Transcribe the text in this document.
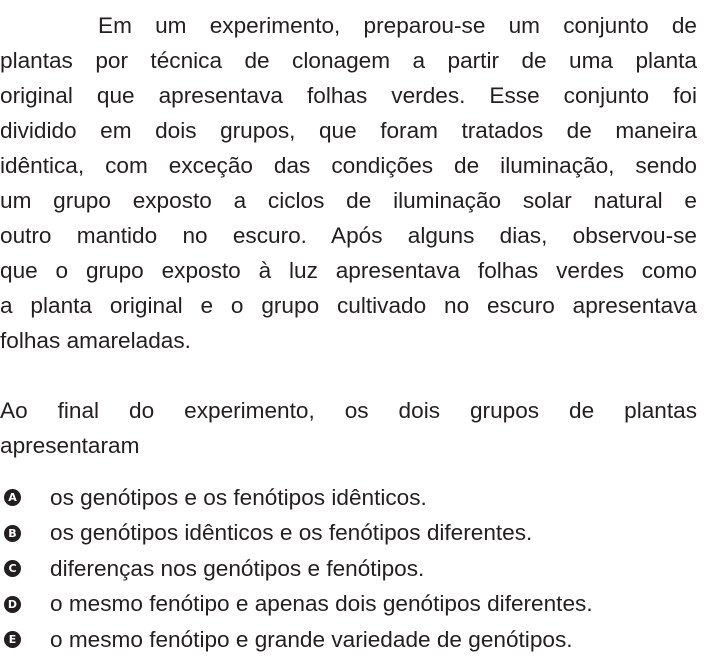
Em um experimento, preparou-se um conjunto de
plantas por técnica de clonagem a partir de uma planta
original que apresentava folhas verdes. Esse conjunto foi
dividido em dois grupos, que foram tratados de maneira
idêntica, com exceção das condições de iluminação, sendo
um grupo exposto a ciclos de iluminação solar natural e
outro mantido no escuro. Após alguns dias, observou-se
que o grupo exposto à luz apresentava folhas verdes como
a planta original e o grupo cultivado no escuro apresentava
folhas amareladas.
Ao final do experimento, os dois grupos de plantas
apresentaram
A os genótipos e os fenótipos idênticos.
B os genótipos idênticos e os fenótipos diferentes.
C diferenças nos genótipos e fenótipos.
D o mesmo fenótipo e apenas dois genótipos diferentes.
E o mesmo fenótipo e grande variedade de genótipos.
